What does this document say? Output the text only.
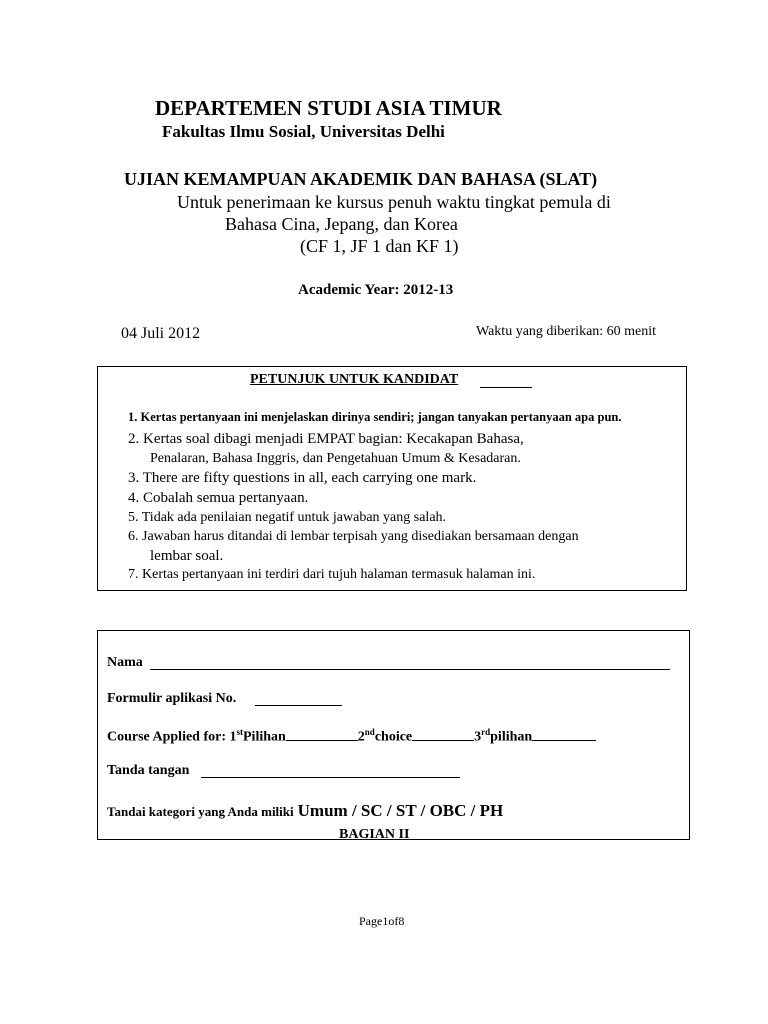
DEPARTEMEN STUDI ASIA TIMUR
Fakultas Ilmu Sosial, Universitas Delhi
UJIAN KEMAMPUAN AKADEMIK DAN BAHASA (SLAT)
Untuk penerimaan ke kursus penuh waktu tingkat pemula di
Bahasa Cina, Jepang, dan Korea
(CF 1, JF 1 dan KF 1)
Academic Year: 2012-13
04 Juli 2012	Waktu yang diberikan: 60 menit
PETUNJUK UNTUK KANDIDAT
1. Kertas pertanyaan ini menjelaskan dirinya sendiri; jangan tanyakan pertanyaan apa pun.
2. Kertas soal dibagi menjadi EMPAT bagian: Kecakapan Bahasa,
Penalaran, Bahasa Inggris, dan Pengetahuan Umum & Kesadaran.
3. There are fifty questions in all, each carrying one mark.
4. Cobalah semua pertanyaan.
5. Tidak ada penilaian negatif untuk jawaban yang salah.
6. Jawaban harus ditandai di lembar terpisah yang disediakan bersamaan dengan
lembar soal.
7. Kertas pertanyaan ini terdiri dari tujuh halaman termasuk halaman ini.
Nama
Formulir aplikasi No.
Course Applied for: 1stPilihan	2ndchoice	3rdpilihan
Tanda tangan
Tandai kategori yang Anda miliki Umum / SC / ST / OBC / PH
BAGIAN II
Page1of8
